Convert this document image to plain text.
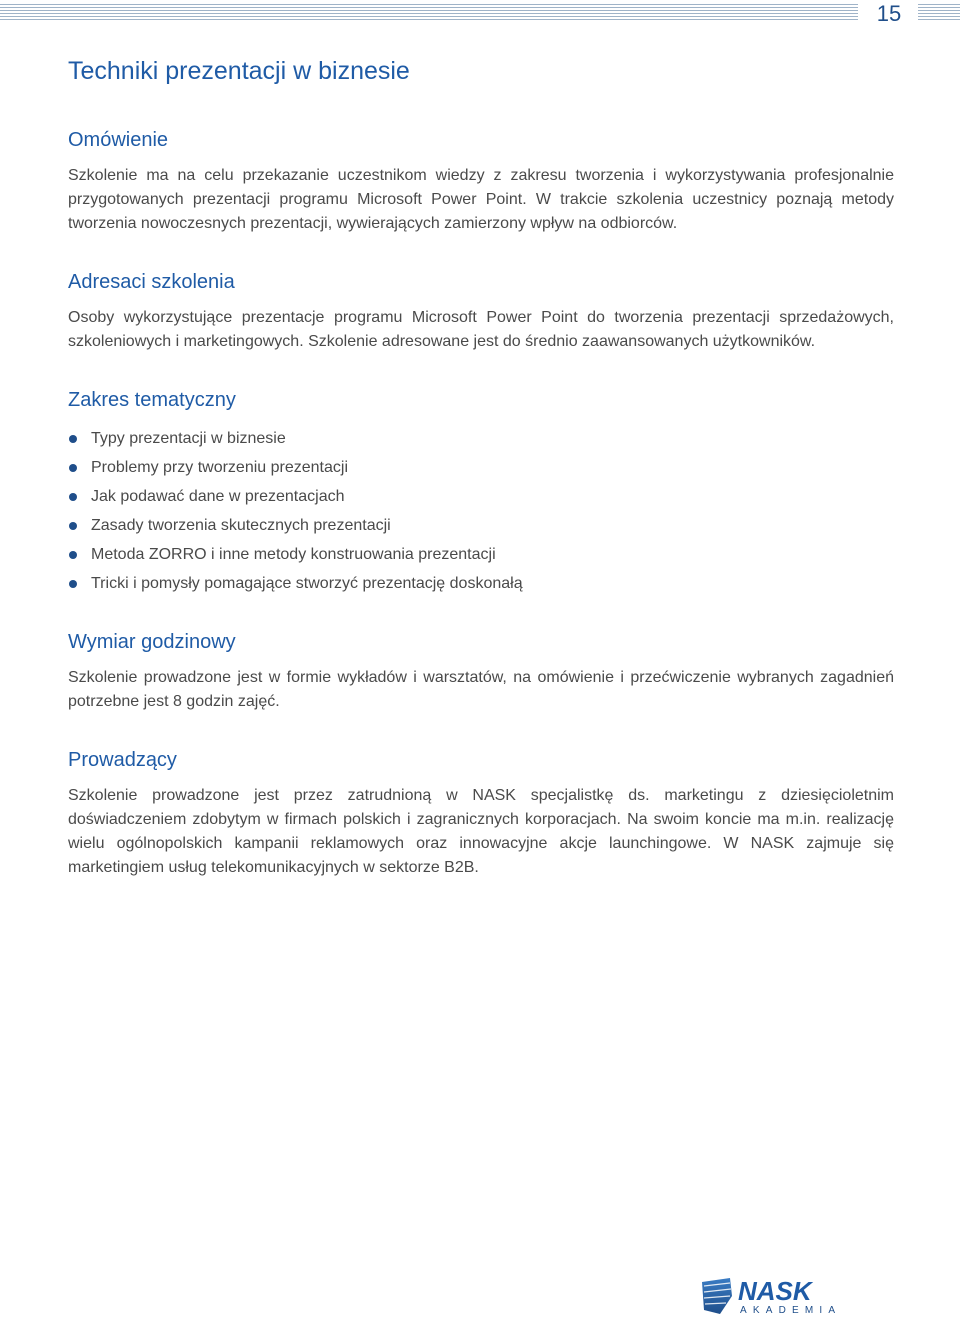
15
Techniki prezentacji w biznesie
Omówienie

Szkolenie ma na celu przekazanie uczestnikom wiedzy z zakresu tworzenia i wykorzystywania profesjonalnie przygotowanych prezentacji programu Microsoft Power Point. W trakcie szkolenia uczestnicy poznają metody tworzenia nowoczesnych prezentacji, wywierających zamierzony wpływ na odbiorców.

Adresaci szkolenia

Osoby wykorzystujące prezentacje programu Microsoft Power Point do tworzenia prezentacji sprzedażowych, szkoleniowych i marketingowych. Szkolenie adresowane jest do średnio zaawansowanych użytkowników.

Zakres tematyczny
Typy prezentacji w biznesie
Problemy przy tworzeniu prezentacji
Jak podawać dane w prezentacjach
Zasady tworzenia skutecznych prezentacji
Metoda ZORRO i inne metody konstruowania prezentacji
Tricki i pomysły pomagające stworzyć prezentację doskonałą
Wymiar godzinowy

Szkolenie prowadzone jest w formie wykładów i warsztatów, na omówienie i przećwiczenie wybranych zagadnień potrzebne jest 8 godzin zajęć.

Prowadzący

Szkolenie prowadzone jest przez zatrudnioną w NASK specjalistkę ds. marketingu z dziesięcioletnim doświadczeniem zdobytym w firmach polskich i zagranicznych korporacjach. Na swoim koncie ma m.in. realizację wielu ogólnopolskich kampanii reklamowych oraz innowacyjne akcje launchingowe. W NASK zajmuje się marketingiem usług telekomunikacyjnych w sektorze B2B.

NASK
AKADEMIA
